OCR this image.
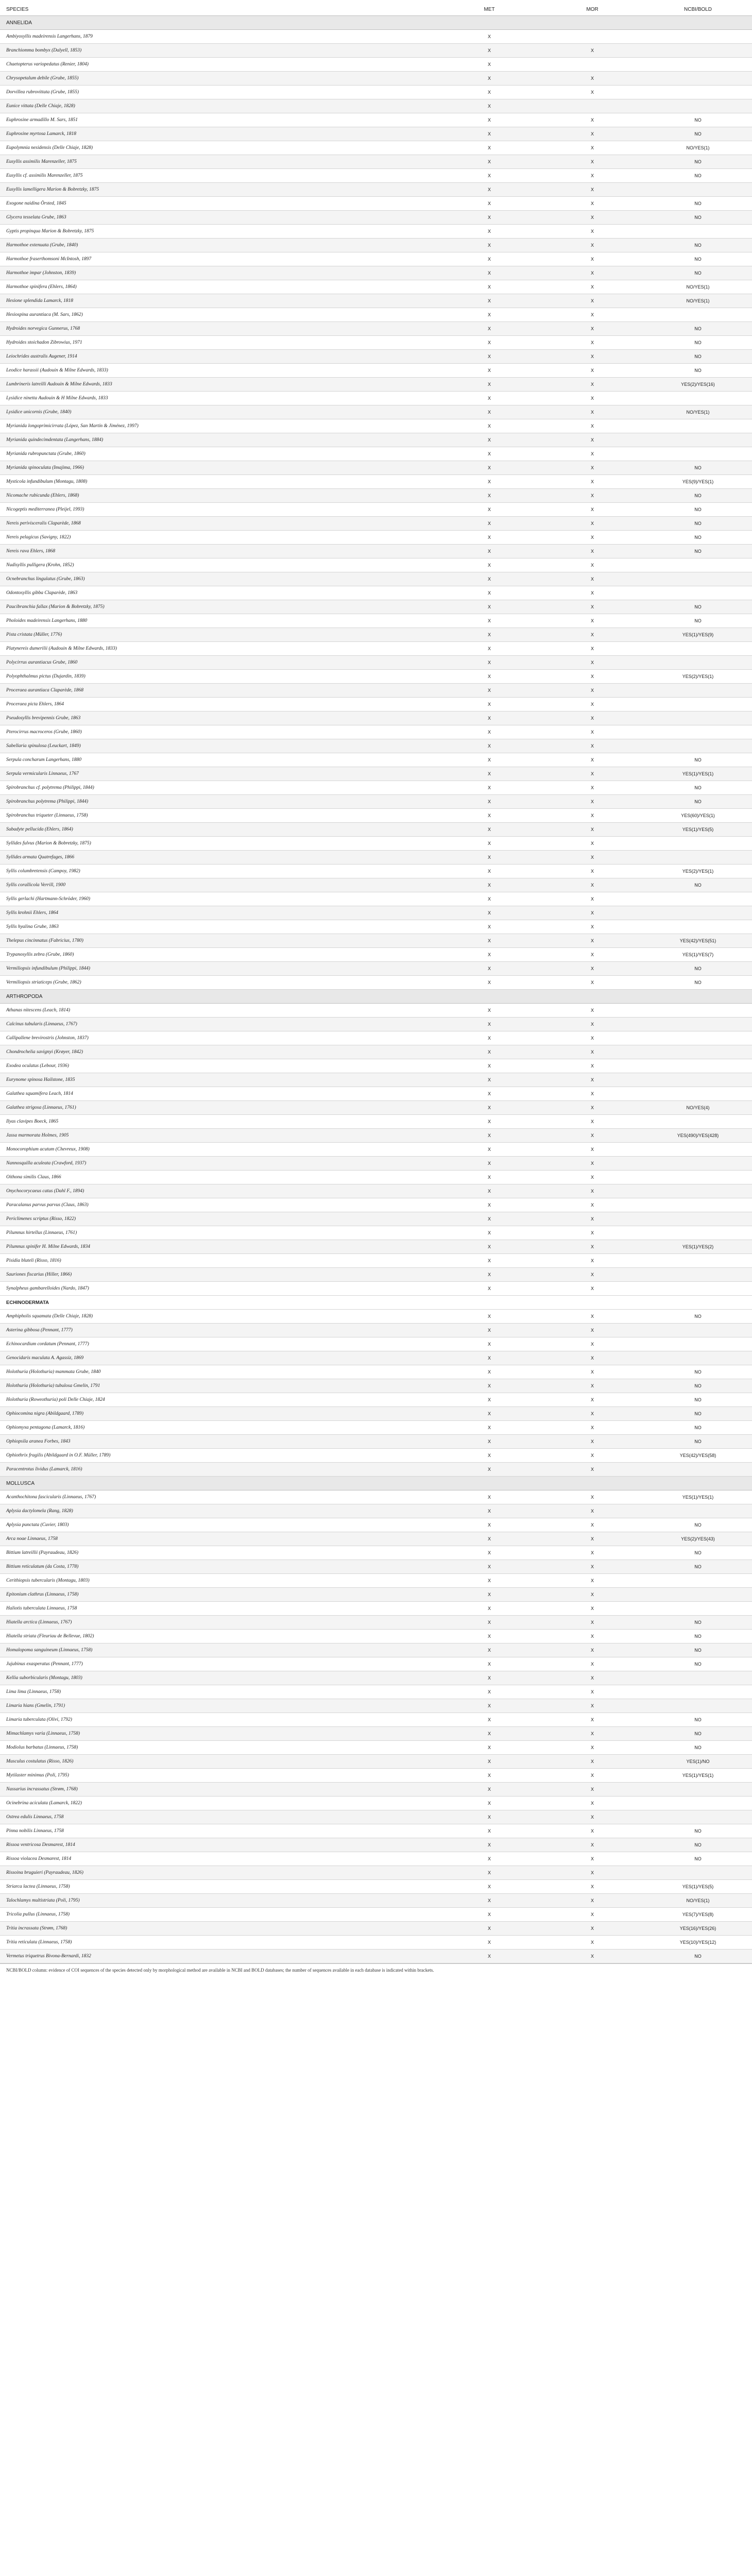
SPECIES	MET	MOR	NCBI/BOLD
ANNELIDA			
Ambiyosyllis madeirensis Langerhans, 1879	X		
Branchiomma bombyx (Dalyell, 1853)	X	X	
Chaetopterus variopedatus (Renier, 1804)	X		
Chrysopetalum debile (Grube, 1855)	X	X	
Dorvillea rubrovittata (Grube, 1855)	X	X	
Eunice vittata (Delle Chiaje, 1828)	X		
Euphrosine armadillo M. Sars, 1851	X	X	NO
Euphrosine myrtosa Lamarck, 1818	X	X	NO
Eupolymnia nesidensis (Delle Chiaje, 1828)	X	X	NO/YES(1)
Eusyllis assimilis Marenzeller, 1875	X	X	NO
Eusyllis cf. assimilis Marenzeller, 1875	X	X	NO
Eusyllis lamelligera Marion & Bobretzky, 1875	X	X	
Exogone naidina Örsted, 1845	X	X	NO
Glycera tesselata Grube, 1863	X	X	NO
Gyptis propinqua Marion & Bobretzky, 1875	X	X	
Harmothoe extenuata (Grube, 1840)	X	X	NO
Harmothoe fraserthomsoni McIntosh, 1897	X	X	NO
Harmothoe impar (Johnston, 1839)	X	X	NO
Harmothoe spinifera (Ehlers, 1864)	X	X	NO/YES(1)
Hesione splendida Lamarck, 1818	X	X	NO/YES(1)
Hesiospina aurantiaca (M. Sars, 1862)	X	X	
Hydroides norvegica Gunnerus, 1768	X	X	NO
Hydroides stoichadon Zibrowius, 1971	X	X	NO
Leiochrides australis Augener, 1914	X	X	NO
Leodice harassii (Audouin & Milne Edwards, 1833)	X	X	NO
Lumbrineris latreilli Audouin & Milne Edwards, 1833	X	X	YES(2)/YES(16)
Lysidice ninetta Audouin & H Milne Edwards, 1833	X	X	
Lysidice unicornis (Grube, 1840)	X	X	NO/YES(1)
Myrianida longoprimicirrata (López, San Martín & Jiménez, 1997)	X	X	
Myrianida quindecimdentata (Langerhans, 1884)	X	X	
Myrianida rubropunctata (Grube, 1860)	X	X	
Myrianida spinoculata (Imajima, 1966)	X	X	NO
Mysticola infundibulum (Montagu, 1808)	X	X	YES(9)/YES(1)
Nicomache rubicunda (Ehlers, 1868)	X	X	NO
Nicogeptis mediterranea (Pleijel, 1993)	X	X	NO
Nereis perivisceralis Claparède, 1868	X	X	NO
Nereis pelagicus (Savigny, 1822)	X	X	NO
Nereis rava Ehlers, 1868	X	X	NO
Nudisyllis pulligera (Krohn, 1852)	X	X	
Ocnebranchus lingulatus (Grube, 1863)	X	X	
Odontosyllis gibba Claparède, 1863	X	X	
Paucibranchia fallax (Marion & Bobretzky, 1875)	X	X	NO
Pholoides madeirensis Langerhans, 1880	X	X	NO
Pista cristata (Müller, 1776)	X	X	YES(1)/YES(9)
Platynereis dumerilii (Audouin & Milne Edwards, 1833)	X	X	
Polycirrus aurantiacus Grube, 1860	X	X	
Polyophthalmus pictus (Dujardin, 1839)	X	X	YES(2)/YES(1)
Proceraea aurantiaca Claparède, 1868	X	X	
Proceraea picta Ehlers, 1864	X	X	
Pseudosyllis brevipennis Grube, 1863	X	X	
Pterocirrus macroceros (Grube, 1860)	X	X	
Sabellaria spinulosa (Leuckart, 1849)	X	X	
Serpula concharum Langerhans, 1880	X	X	NO
Serpula vermicularis Linnaeus, 1767	X	X	YES(1)/YES(1)
Spirobranchus cf. polytrema (Philippi, 1844)	X	X	NO
Spirobranchus polytrema (Philippi, 1844)	X	X	NO
Spirobranchus triqueter (Linnaeus, 1758)	X	X	YES(60)/YES(1)
Subadyte pellucida (Ehlers, 1864)	X	X	YES(1)/YES(5)
Syllides fulvus (Marion & Bobretzky, 1875)	X	X	
Syllides armata Quatrefages, 1866	X	X	
Syllis columbretensis (Campoy, 1982)	X	X	YES(2)/YES(1)
Syllis corallicola Verrill, 1900	X	X	NO
Syllis gerlachi (Hartmann-Schröder, 1960)	X	X	
Syllis krohnii Ehlers, 1864	X	X	
Syllis hyalina Grube, 1863	X	X	
Thelepus cincinnatus (Fabricius, 1780)	X	X	YES(42)/YES(51)
Trypanosyllis zebra (Grube, 1860)	X	X	YES(1)/YES(7)
Vermiliopsis infundibulum (Philippi, 1844)	X	X	NO
Vermiliopsis striaticeps (Grube, 1862)	X	X	NO
ARTHROPODA			
Athanas nitescens (Leach, 1814)	X	X	
Calcinus tubularis (Linnaeus, 1767)	X	X	
Callipallene brevirostris (Johnston, 1837)	X	X	
Chondrochelia savignyi (Krøyer, 1842)	X	X	
Exodea oculatus (Lebour, 1936)	X	X	
Eurynome spinosa Hailstone, 1835	X	X	
Galathea squamifera Leach, 1814	X	X	
Galathea strigosa (Linnaeus, 1761)	X	X	NO/YES(4)
Ilyas clavipes Boeck, 1865	X	X	
Jassa marmorata Holmes, 1905	X	X	YES(490)/YES(428)
Monocorophium acutum (Chevreux, 1908)	X	X	
Nannosquilla aculeata (Crawford, 1937)	X	X	
Oithona similis Claus, 1866	X	X	
Onychocorycaeus catus (Dahl F., 1894)	X	X	
Paracalanus parvus parvus (Claus, 1863)	X	X	
Periclimenes scriptus (Risso, 1822)	X	X	
Pilumnus hirtellus (Linnaeus, 1761)	X	X	
Pilumnus spinifer H. Milne Edwards, 1834	X	X	YES(1)/YES(2)
Pisidia bluteli (Risso, 1816)	X	X	
Sauriones fiscarius (Hiller, 1866)	X	X	
Synalpheus gambarelloides (Nardo, 1847)	X	X	
ECHINODERMATA			
Amphipholis squamata (Delle Chiaje, 1828)	X	X	NO
Asterina gibbosa (Pennant, 1777)	X	X	
Echinocardium cordatum (Pennant, 1777)	X	X	
Genocidaris maculata A. Agassiz, 1869	X	X	
Holothuria (Holothuria) mammata Grube, 1840	X	X	NO
Holothuria (Holothuria) tubulosa Gmelin, 1791	X	X	NO
Holothuria (Roweothuria) poli Delle Chiaje, 1824	X	X	NO
Ophiocomina nigra (Abildgaard, 1789)	X	X	NO
Ophiomyxa pentagona (Lamarck, 1816)	X	X	NO
Ophiopsila aranea Forbes, 1843	X	X	NO
Ophiothrix fragilis (Abildgaard in O.F. Müller, 1789)	X	X	YES(42)/YES(58)
Paracentrotus lividus (Lamarck, 1816)	X	X	
MOLLUSCA			
Acanthochitona fascicularis (Linnaeus, 1767)	X	X	YES(1)/YES(1)
Aplysia dactylomela (Rang, 1828)	X	X	
Aplysia punctata (Cuvier, 1803)	X	X	NO
Arca noae Linnaeus, 1758	X	X	YES(2)/YES(43)
Bittium latreillii (Payraudeau, 1826)	X	X	NO
Bittium reticulatum (da Costa, 1778)	X	X	NO
Cerithiopsis tubercularis (Montagu, 1803)	X	X	
Epitonium clathrus (Linnaeus, 1758)	X	X	
Haliotis tuberculata Linnaeus, 1758	X	X	
Hiatella arctica (Linnaeus, 1767)	X	X	NO
Hiatella striata (Fleuriau de Bellevue, 1802)	X	X	NO
Homalopoma sanguineum (Linnaeus, 1758)	X	X	NO
Jujubinus exasperatus (Pennant, 1777)	X	X	NO
Kellia suborbicularis (Montagu, 1803)	X	X	
Lima lima (Linnaeus, 1758)	X	X	
Limaria hians (Gmelin, 1791)	X	X	
Limaria tuberculata (Olivi, 1792)	X	X	NO
Mimachlamys varia (Linnaeus, 1758)	X	X	NO
Modiolus barbatus (Linnaeus, 1758)	X	X	NO
Musculus costulatus (Risso, 1826)	X	X	YES(1)/NO
Mytilaster minimus (Poli, 1795)	X	X	YES(1)/YES(1)
Nassarius incrassatus (Strøm, 1768)	X	X	
Ocinebrina aciculata (Lamarck, 1822)	X	X	
Ostrea edulis Linnaeus, 1758	X	X	
Pinna nobilis Linnaeus, 1758	X	X	NO
Rissoa ventricosa Desmarest, 1814	X	X	NO
Rissoa violacea Desmarest, 1814	X	X	NO
Rissoina bruguieri (Payraudeau, 1826)	X	X	
Striarca lactea (Linnaeus, 1758)	X	X	YES(1)/YES(5)
Talochlamys multistriata (Poli, 1795)	X	X	NO/YES(1)
Tricolia pullus (Linnaeus, 1758)	X	X	YES(7)/YES(8)
Tritia incrassata (Strøm, 1768)	X	X	YES(16)/YES(26)
Tritia reticulata (Linnaeus, 1758)	X	X	YES(10)/YES(12)
Vermetus triquetrus Bivona-Bernardi, 1832	X	X	NO
NCBI/BOLD column: evidence of COI sequences of the species detected only by morphological method are available in NCBI and BOLD databases; the number of sequences available in each database is indicated within brackets.
